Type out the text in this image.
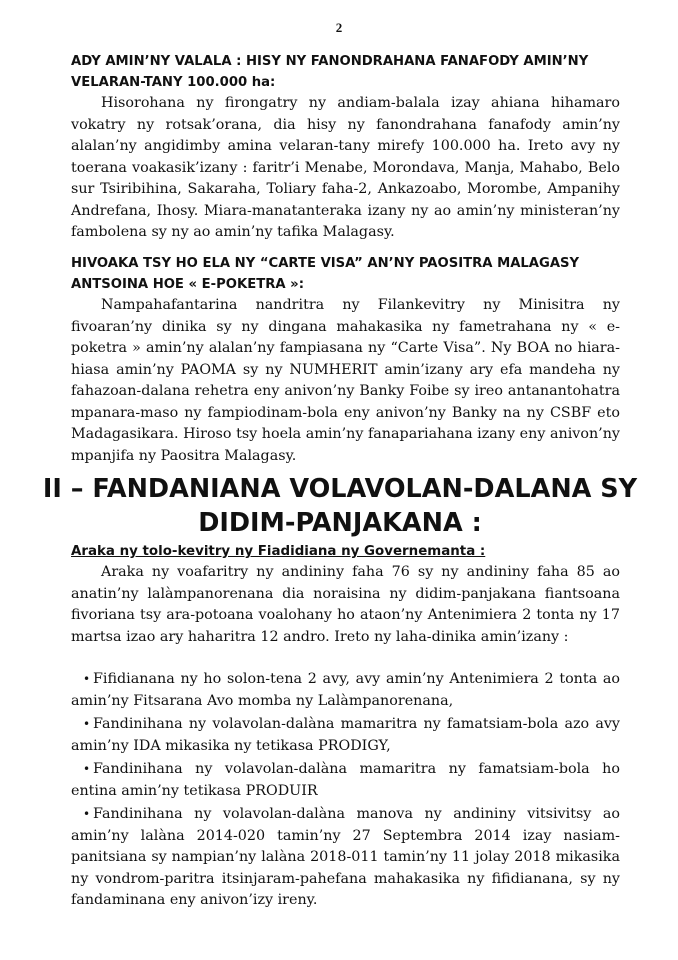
2
ADY AMIN’NY VALALA : HISY NY FANONDRAHANA FANAFODY AMIN’NY
VELARAN-TANY 100.000 ha:

Hisorohana ny firongatry ny andiam-balala izay ahiana hihamaro vokatry ny rotsak’orana, dia hisy ny fanondrahana fanafody amin’ny alalan’ny angidimby amina velaran-tany mirefy 100.000 ha. Ireto avy ny toerana voakasik’izany : faritr’i Menabe, Morondava, Manja, Mahabo, Belo sur Tsiribihina, Sakaraha, Toliary faha-2, Ankazoabo, Morombe, Ampanihy Andrefana, Ihosy. Miara-manatanteraka izany ny ao amin’ny ministeran’ny fambolena sy ny ao amin’ny tafika Malagasy.

HIVOAKA TSY HO ELA NY “CARTE VISA” AN’NY PAOSITRA MALAGASY
ANTSOINA HOE « E-POKETRA »:

Nampahafantarina nandritra ny Filankevitry ny Minisitra ny fivoaran’ny dinika sy ny dingana mahakasika ny fametrahana ny « e-poketra » amin’ny alalan’ny fampiasana ny “Carte Visa”. Ny BOA no hiara-hiasa amin’ny PAOMA sy ny NUMHERIT amin’izany ary efa mandeha ny fahazoan-dalana rehetra eny anivon’ny Banky Foibe sy ireo antanantohatra mpanara-maso ny fampiodinam-bola eny anivon’ny Banky na ny CSBF eto Madagasikara. Hiroso tsy hoela amin’ny fanapariahana izany eny anivon’ny mpanjifa ny Paositra Malagasy.

II – FANDANIANA VOLAVOLAN-DALANA SY
DIDIM-PANJAKANA :
Araka ny tolo-kevitry ny Fiadidiana ny Governemanta :

Araka ny voafaritry ny andininy faha 76 sy ny andininy faha 85 ao anatin’ny lalàmpanorenana dia noraisina ny didim-panjakana fiantsoana fivoriana tsy ara-potoana voalohany ho ataon’ny Antenimiera 2 tonta ny 17 martsa izao ary haharitra 12 andro. Ireto ny laha-dinika amin’izany :

• Fifidianana ny ho solon-tena 2 avy, avy amin’ny Antenimiera 2 tonta ao amin’ny Fitsarana Avo momba ny Lalàmpanorenana,
• Fandinihana ny volavolan-dalàna mamaritra ny famatsiam-bola azo avy amin’ny IDA mikasika ny tetikasa PRODIGY,
• Fandinihana ny volavolan-dalàna mamaritra ny famatsiam-bola ho entina amin’ny tetikasa PRODUIR
• Fandinihana ny volavolan-dalàna manova ny andininy vitsivitsy ao amin’ny lalàna 2014-020 tamin’ny 27 Septembra 2014 izay nasiam-panitsiana sy nampian’ny lalàna 2018-011 tamin’ny 11 jolay 2018 mikasika ny vondrom-paritra itsinjaram-pahefana mahakasika ny fifidianana, sy ny fandaminana eny anivon’izy ireny.
